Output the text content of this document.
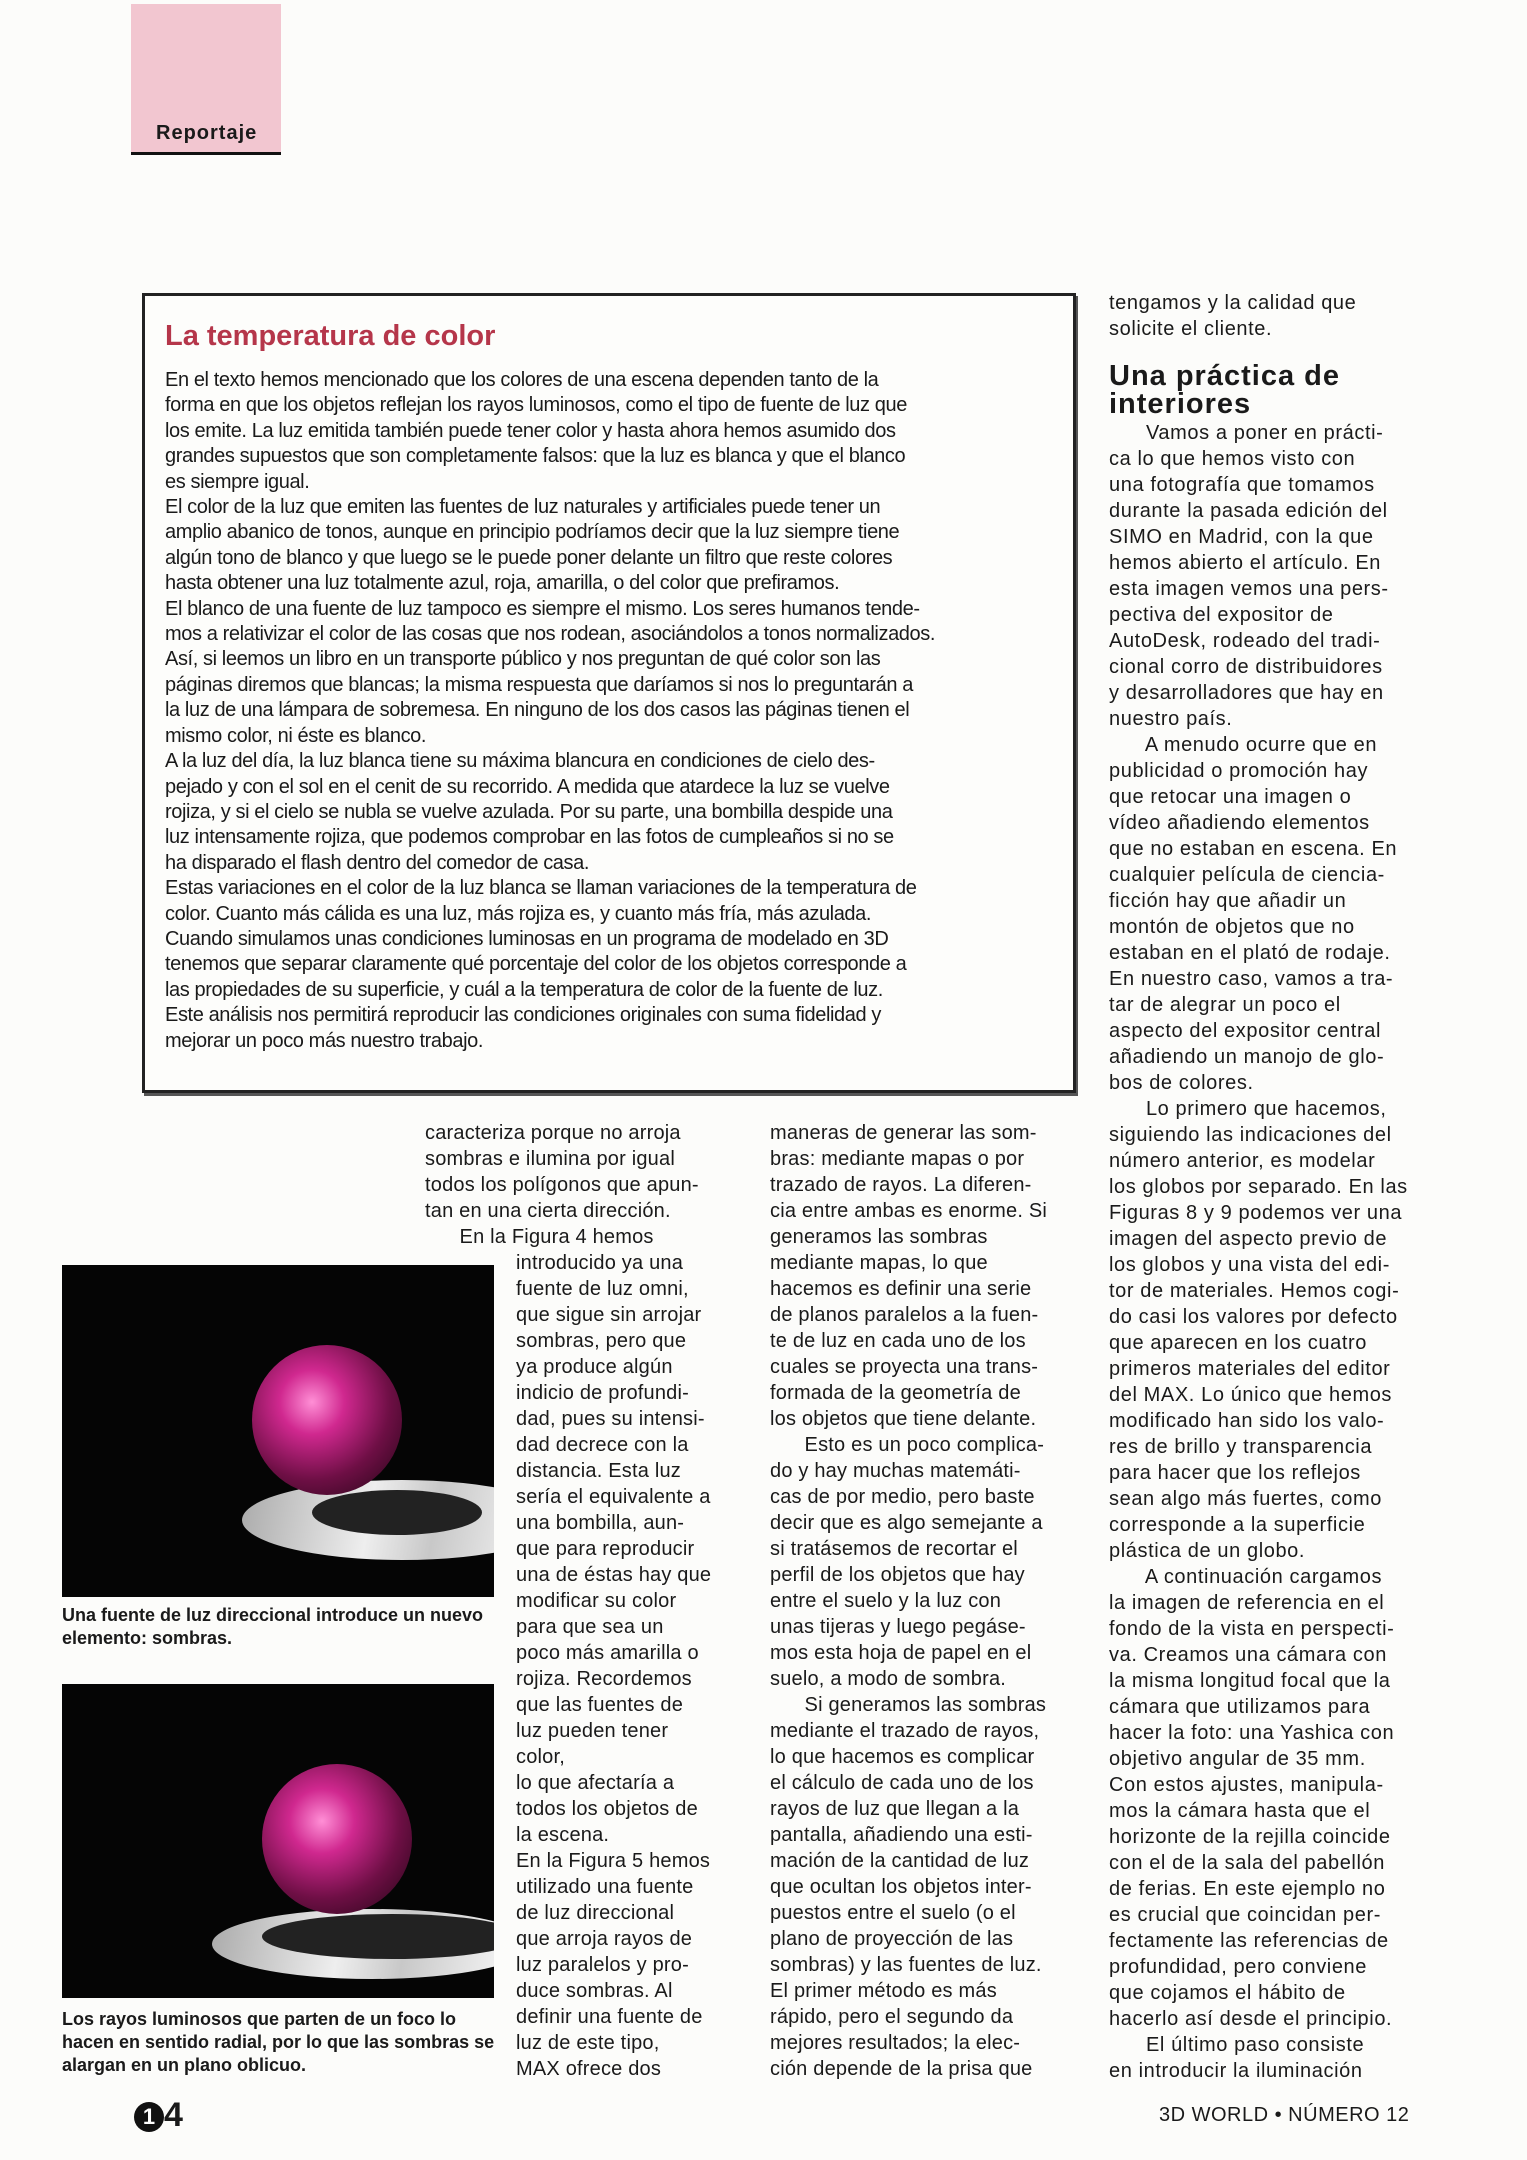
Reportaje
La temperatura de color
En el texto hemos mencionado que los colores de una escena dependen tanto de la
forma en que los objetos reflejan los rayos luminosos, como el tipo de fuente de luz que
los emite. La luz emitida también puede tener color y hasta ahora hemos asumido dos
grandes supuestos que son completamente falsos: que la luz es blanca y que el blanco
es siempre igual.
El color de la luz que emiten las fuentes de luz naturales y artificiales puede tener un
amplio abanico de tonos, aunque en principio podríamos decir que la luz siempre tiene
algún tono de blanco y que luego se le puede poner delante un filtro que reste colores
hasta obtener una luz totalmente azul, roja, amarilla, o del color que prefiramos.
El blanco de una fuente de luz tampoco es siempre el mismo. Los seres humanos tende-
mos a relativizar el color de las cosas que nos rodean, asociándolos a tonos normalizados.
Así, si leemos un libro en un transporte público y nos preguntan de qué color son las
páginas diremos que blancas; la misma respuesta que daríamos si nos lo preguntarán a
la luz de una lámpara de sobremesa. En ninguno de los dos casos las páginas tienen el
mismo color, ni éste es blanco.
A la luz del día, la luz blanca tiene su máxima blancura en condiciones de cielo des-
pejado y con el sol en el cenit de su recorrido. A medida que atardece la luz se vuelve
rojiza, y si el cielo se nubla se vuelve azulada. Por su parte, una bombilla despide una
luz intensamente rojiza, que podemos comprobar en las fotos de cumpleaños si no se
ha disparado el flash dentro del comedor de casa.
Estas variaciones en el color de la luz blanca se llaman variaciones de la temperatura de
color. Cuanto más cálida es una luz, más rojiza es, y cuanto más fría, más azulada.
Cuando simulamos unas condiciones luminosas en un programa de modelado en 3D
tenemos que separar claramente qué porcentaje del color de los objetos corresponde a
las propiedades de su superficie, y cuál a la temperatura de color de la fuente de luz.
Este análisis nos permitirá reproducir las condiciones originales con suma fidelidad y
mejorar un poco más nuestro trabajo.
tengamos y la calidad que
solicite el cliente.
Una práctica de
interiores
Vamos a poner en prácti-
ca lo que hemos visto con
una fotografía que tomamos
durante la pasada edición del
SIMO en Madrid, con la que
hemos abierto el artículo. En
esta imagen vemos una pers-
pectiva del expositor de
AutoDesk, rodeado del tradi-
cional corro de distribuidores
y desarrolladores que hay en
nuestro país.
A menudo ocurre que en
publicidad o promoción hay
que retocar una imagen o
vídeo añadiendo elementos
que no estaban en escena. En
cualquier película de ciencia-
ficción hay que añadir un
montón de objetos que no
estaban en el plató de rodaje.
En nuestro caso, vamos a tra-
tar de alegrar un poco el
aspecto del expositor central
añadiendo un manojo de glo-
bos de colores.
Lo primero que hacemos,
siguiendo las indicaciones del
número anterior, es modelar
los globos por separado. En las
Figuras 8 y 9 podemos ver una
imagen del aspecto previo de
los globos y una vista del edi-
tor de materiales. Hemos cogi-
do casi los valores por defecto
que aparecen en los cuatro
primeros materiales del editor
del MAX. Lo único que hemos
modificado han sido los valo-
res de brillo y transparencia
para hacer que los reflejos
sean algo más fuertes, como
corresponde a la superficie
plástica de un globo.
A continuación cargamos
la imagen de referencia en el
fondo de la vista en perspecti-
va. Creamos una cámara con
la misma longitud focal que la
cámara que utilizamos para
hacer la foto: una Yashica con
objetivo angular de 35 mm.
Con estos ajustes, manipula-
mos la cámara hasta que el
horizonte de la rejilla coincide
con el de la sala del pabellón
de ferias. En este ejemplo no
es crucial que coincidan per-
fectamente las referencias de
profundidad, pero conviene
que cojamos el hábito de
hacerlo así desde el principio.
El último paso consiste
en introducir la iluminación
caracteriza porque no arroja
sombras e ilumina por igual
todos los polígonos que apun-
tan en una cierta dirección.
En la Figura 4 hemos
introducido ya una
fuente de luz omni,
que sigue sin arrojar
sombras, pero que
ya produce algún
indicio de profundi-
dad, pues su intensi-
dad decrece con la
distancia. Esta luz
sería el equivalente a
una bombilla, aun-
que para reproducir
una de éstas hay que
modificar su color
para que sea un
poco más amarilla o
rojiza. Recordemos
que las fuentes de
luz pueden tener
color,
lo que afectaría a
todos los objetos de
la escena.
En la Figura 5 hemos
utilizado una fuente
de luz direccional
que arroja rayos de
luz paralelos y pro-
duce sombras. Al
definir una fuente de
luz de este tipo,
MAX ofrece dos
maneras de generar las som-
bras: mediante mapas o por
trazado de rayos. La diferen-
cia entre ambas es enorme. Si
generamos las sombras
mediante mapas, lo que
hacemos es definir una serie
de planos paralelos a la fuen-
te de luz en cada uno de los
cuales se proyecta una trans-
formada de la geometría de
los objetos que tiene delante.
Esto es un poco complica-
do y hay muchas matemáti-
cas de por medio, pero baste
decir que es algo semejante a
si tratásemos de recortar el
perfil de los objetos que hay
entre el suelo y la luz con
unas tijeras y luego pegáse-
mos esta hoja de papel en el
suelo, a modo de sombra.
Si generamos las sombras
mediante el trazado de rayos,
lo que hacemos es complicar
el cálculo de cada uno de los
rayos de luz que llegan a la
pantalla, añadiendo una esti-
mación de la cantidad de luz
que ocultan los objetos inter-
puestos entre el suelo (o el
plano de proyección de las
sombras) y las fuentes de luz.
El primer método es más
rápido, pero el segundo da
mejores resultados; la elec-
ción depende de la prisa que
Una fuente de luz direccional introduce un nuevo elemento: sombras.
Los rayos luminosos que parten de un foco lo hacen en sentido radial, por lo que las sombras se alargan en un plano oblicuo.
1 4	3D WORLD • NÚMERO 12
